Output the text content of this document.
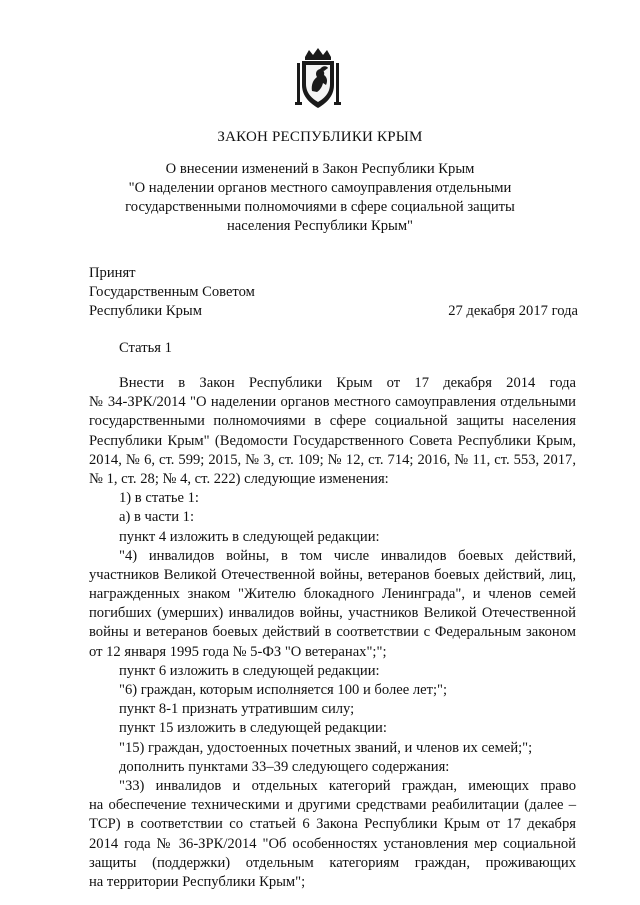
ЗАКОН РЕСПУБЛИКИ КРЫМ
О внесении изменений в Закон Республики Крым
"О наделении органов местного самоуправления отдельными
государственными полномочиями в сфере социальной защиты
населения Республики Крым"
Принят
Государственным Советом
Республики Крым	27 декабря 2017 года
Статья 1
Внести в Закон Республики Крым от 17 декабря 2014 года
№ 34-ЗРК/2014 "О наделении органов местного самоуправления отдельными
государственными полномочиями в сфере социальной защиты населения
Республики Крым" (Ведомости Государственного Совета Республики Крым,
2014, № 6, ст. 599; 2015, № 3, ст. 109; № 12, ст. 714; 2016, № 11, ст. 553, 2017,
№ 1, ст. 28; № 4, ст. 222) следующие изменения:
1) в статье 1:
а) в части 1:
пункт 4 изложить в следующей редакции:
"4) инвалидов войны, в том числе инвалидов боевых действий,
участников Великой Отечественной войны, ветеранов боевых действий, лиц,
награжденных знаком "Жителю блокадного Ленинграда", и членов семей
погибших (умерших) инвалидов войны, участников Великой Отечественной
войны и ветеранов боевых действий в соответствии с Федеральным законом
от 12 января 1995 года № 5-ФЗ "О ветеранах";";
пункт 6 изложить в следующей редакции:
"6) граждан, которым исполняется 100 и более лет;";
пункт 8-1 признать утратившим силу;
пункт 15 изложить в следующей редакции:
"15) граждан, удостоенных почетных званий, и членов их семей;";
дополнить пунктами 33–39 следующего содержания:
"33) инвалидов и отдельных категорий граждан, имеющих право
на обеспечение техническими и другими средствами реабилитации (далее –
ТСР) в соответствии со статьей 6 Закона Республики Крым от 17 декабря
2014 года № 36-ЗРК/2014 "Об особенностях установления мер социальной
защиты (поддержки) отдельным категориям граждан, проживающих
на территории Республики Крым";
